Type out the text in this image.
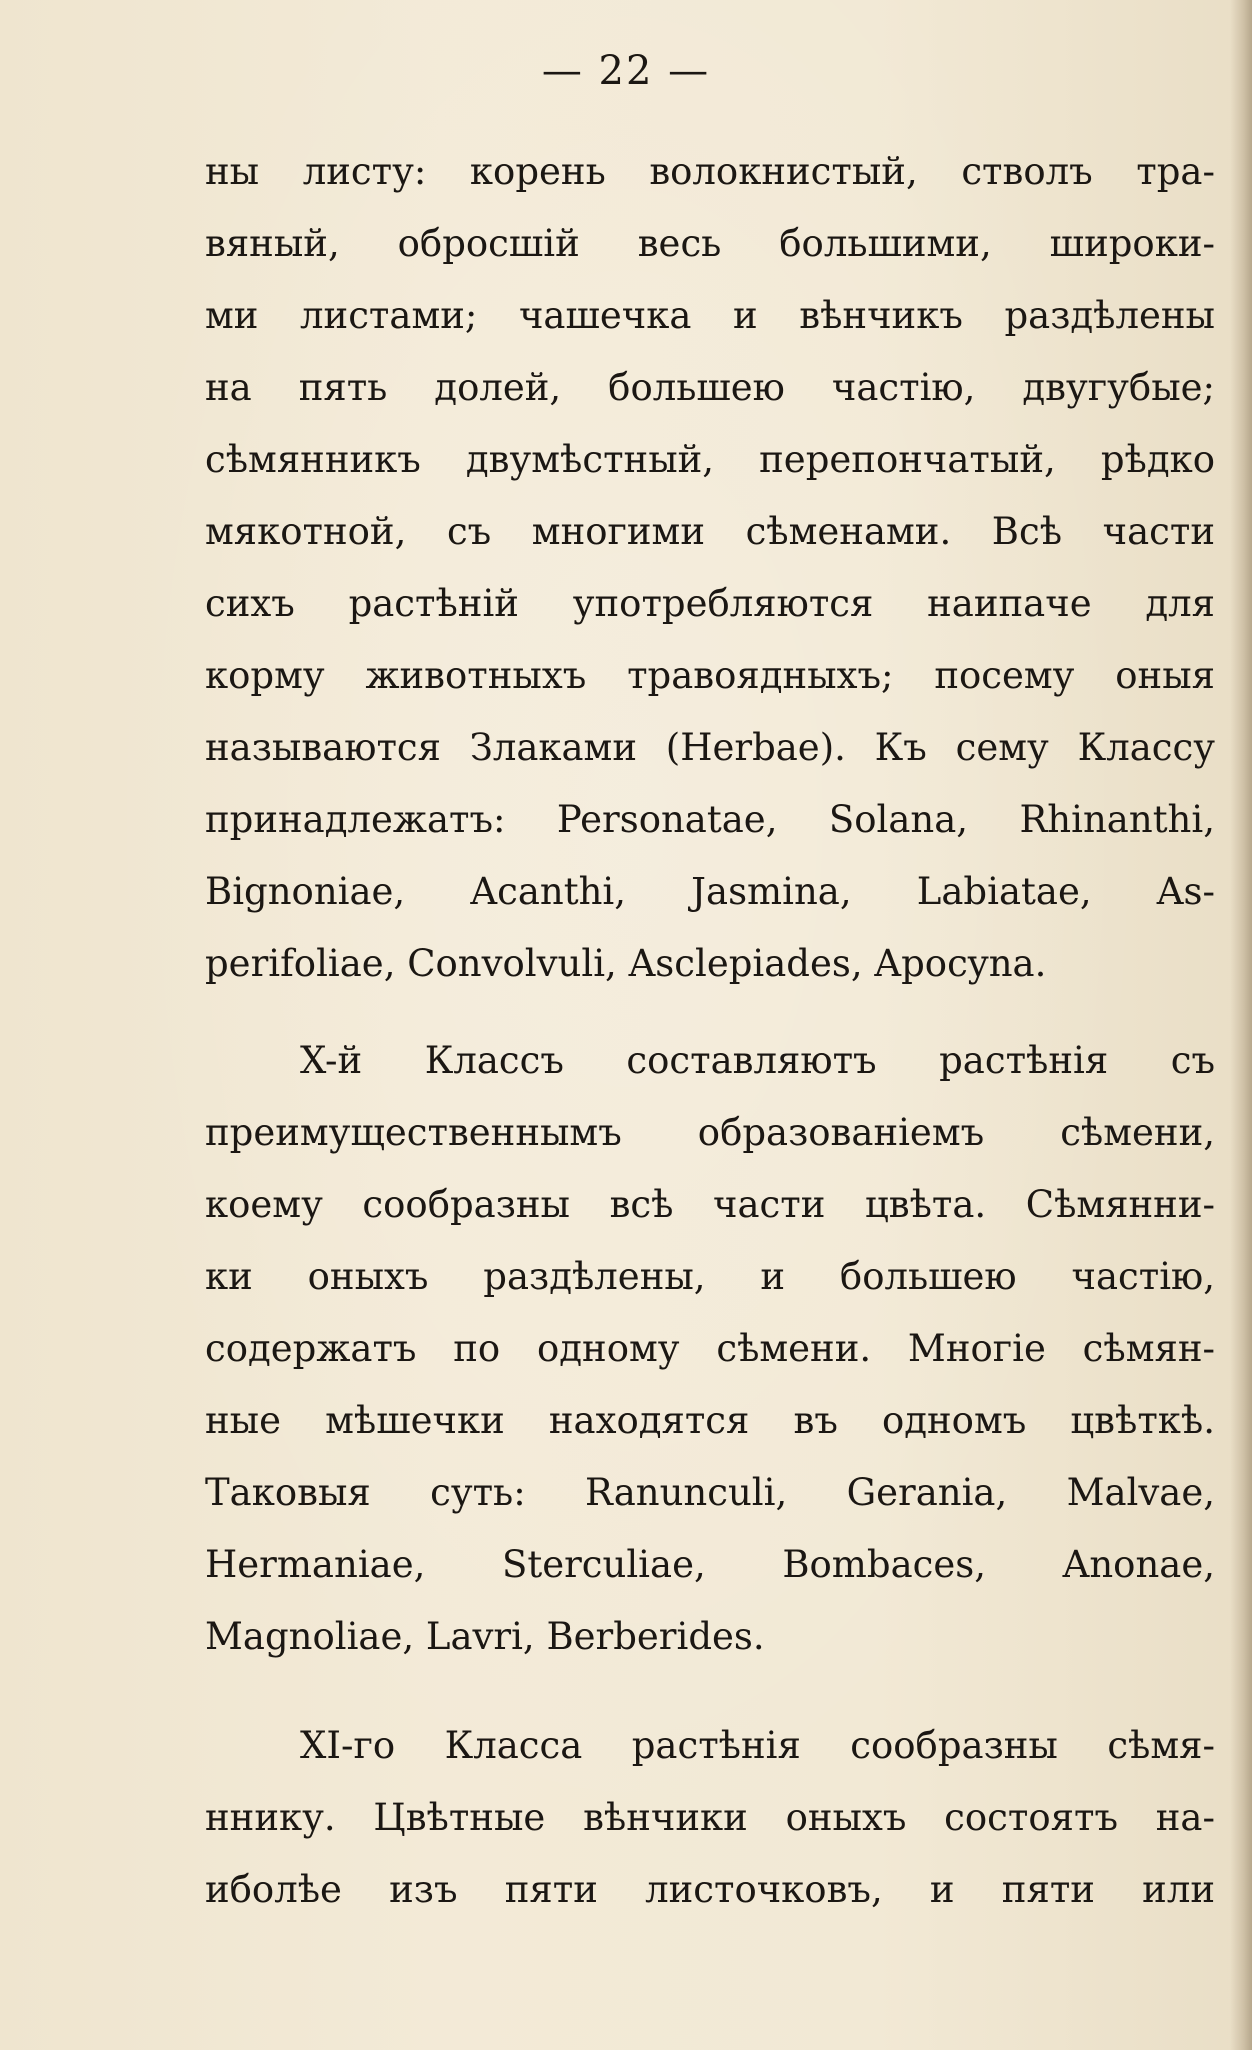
— 22 —
ны листу: корень волокнистый, стволъ тра-
вяный, обросшій весь большими, широки-
ми листами; чашечка и вѣнчикъ раздѣлены
на пять долей, большею частію, двугубые;
сѣмянникъ двумѣстный, перепончатый, рѣдко
мякотной, съ многими сѣменами. Всѣ части
сихъ растѣній употребляются наипаче для
корму животныхъ травоядныхъ; посему оныя
называются Злаками (Herbae). Къ сему Классу
принадлежатъ: Personatae, Solana, Rhinanthi,
Bignoniae, Acanthi, Jasmina, Labiatae, As-
perifoliae, Convolvuli, Asclepiades, Apocyna.
X-й Классъ составляютъ растѣнія съ
преимущественнымъ образованіемъ сѣмени,
коему сообразны всѣ части цвѣта. Сѣмянни-
ки оныхъ раздѣлены, и большею частію,
содержатъ по одному сѣмени. Многіе сѣмян-
ные мѣшечки находятся въ одномъ цвѣткѣ.
Таковыя суть: Ranunculi, Gerania, Malvae,
Hermaniae, Sterculiae, Bombaces, Anonae,
Magnoliae, Lavri, Berberides.
XI-го Класса растѣнія сообразны сѣмя-
ннику. Цвѣтные вѣнчики оныхъ состоятъ на-
иболѣе изъ пяти листочковъ, и пяти или
